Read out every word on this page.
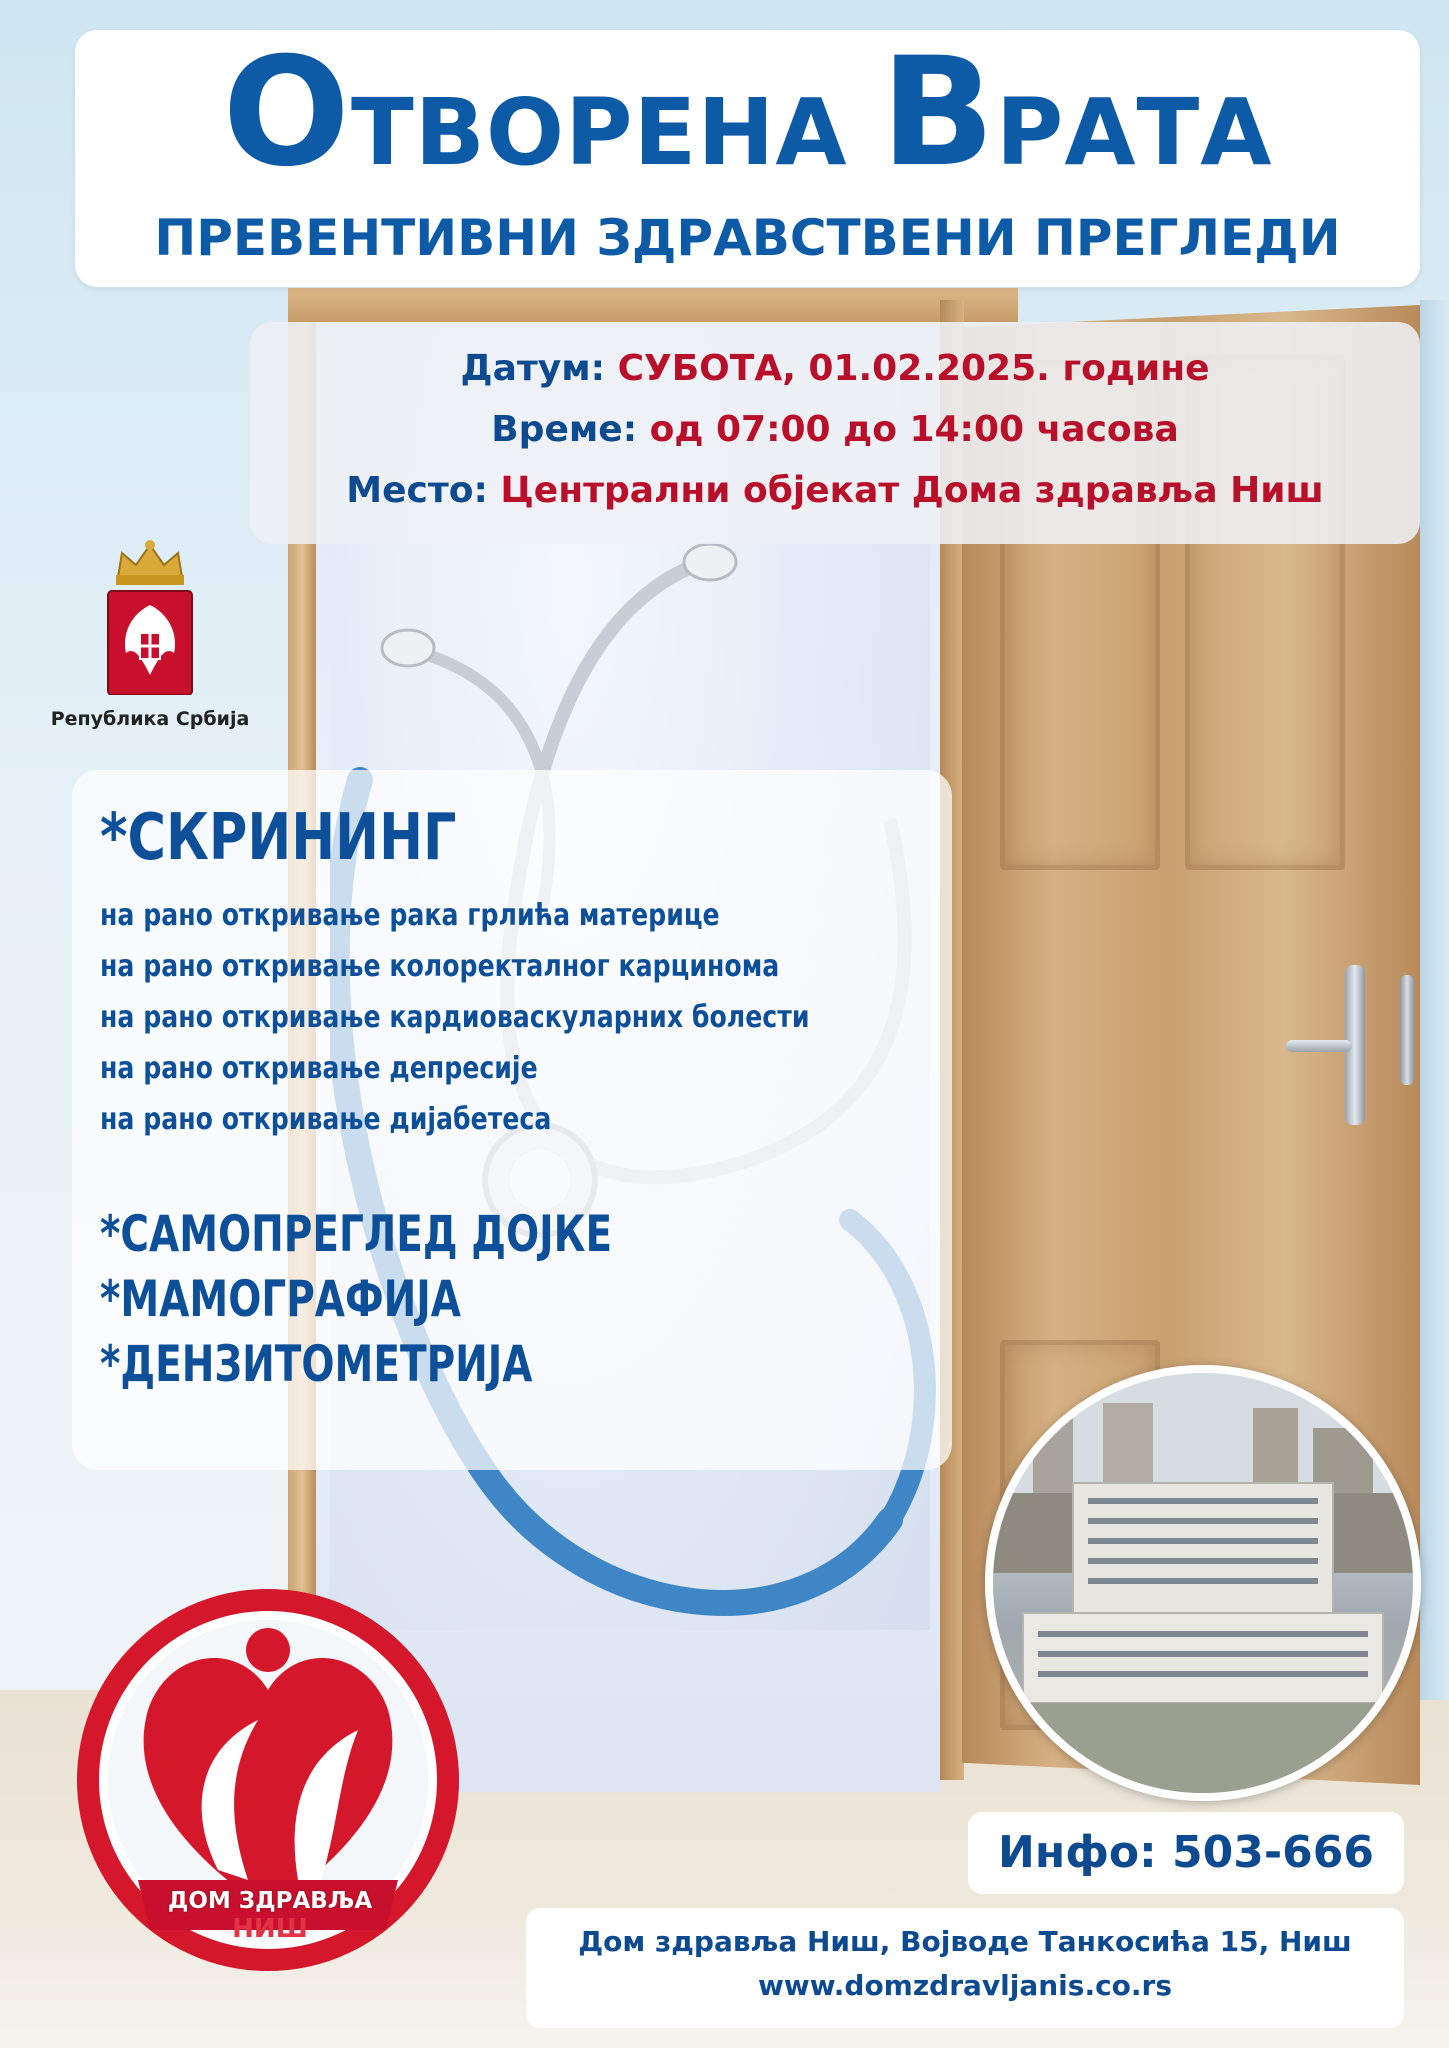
ОТВОРЕНА ВРАТА
ПРЕВЕНТИВНИ ЗДРАВСТВЕНИ ПРЕГЛЕДИ
Датум: СУБОТА, 01.02.2025. године
Време: од 07:00 до 14:00 часова
Место: Централни објекат Дома здравља Ниш
Република Србија
*СКРИНИНГ
на рано откривање рака грлића материце
на рано откривање колоректалног карцинома
на рано откривање кардиоваскуларних болести
на рано откривање депресије
на рано откривање дијабетеса
*САМОПРЕГЛЕД ДОЈКЕ
*МАМОГРАФИЈА
*ДЕНЗИТОМЕТРИЈА
ДОМ ЗДРАВЉА
НИШ
Инфо: 503-666
Дом здравља Ниш, Војводе Танкосића 15, Ниш
www.domzdravljanis.co.rs
